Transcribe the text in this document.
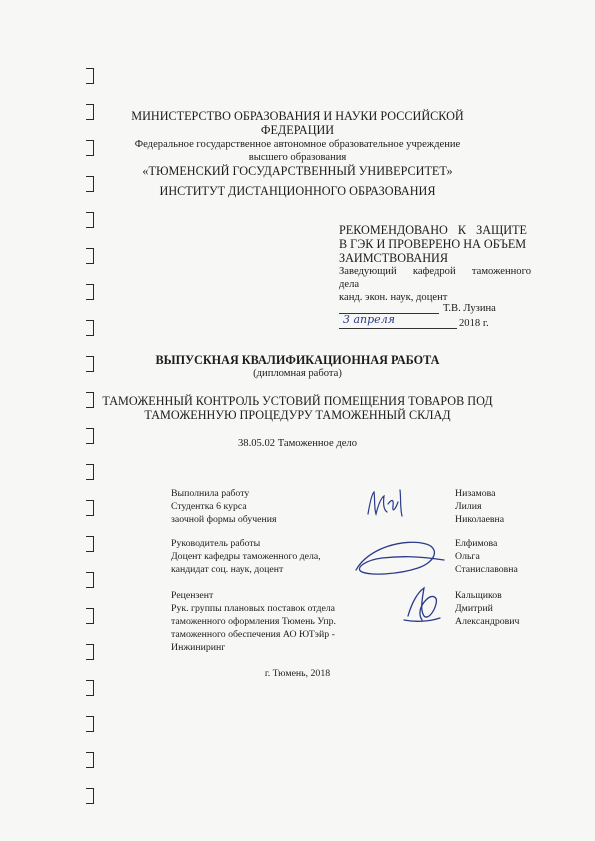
МИНИСТЕРСТВО ОБРАЗОВАНИЯ И НАУКИ РОССИЙСКОЙ
ФЕДЕРАЦИИ
Федеральное государственное автономное образовательное учреждение
высшего образования
«ТЮМЕНСКИЙ ГОСУДАРСТВЕННЫЙ УНИВЕРСИТЕТ»
ИНСТИТУТ ДИСТАНЦИОННОГО ОБРАЗОВАНИЯ
РЕКОМЕНДОВАНО К ЗАЩИТЕ
В ГЭК И ПРОВЕРЕНО НА ОБЪЕМ
ЗАИМСТВОВАНИЯ
Заведующий кафедрой таможенного
дела
канд. экон. наук, доцент
Т.В. Лузина
3 апреля	2018 г.
ВЫПУСКНАЯ КВАЛИФИКАЦИОННАЯ РАБОТА
(дипломная работа)
ТАМОЖЕННЫЙ КОНТРОЛЬ УСТОВИЙ ПОМЕЩЕНИЯ ТОВАРОВ ПОД
ТАМОЖЕННУЮ ПРОЦЕДУРУ ТАМОЖЕННЫЙ СКЛАД
38.05.02 Таможенное дело
Выполнила работу
Студентка 6 курса
заочной формы обучения
Низамова
Лилия
Николаевна
Руководитель работы
Доцент кафедры таможенного дела,
кандидат соц. наук, доцент
Елфимова
Ольга
Станиславовна
Рецензент
Рук. группы плановых поставок отдела
таможенного оформления Тюмень Упр.
таможенного обеспечения АО ЮТэйр -
Инжиниринг
Кальщиков
Дмитрий
Александрович
г. Тюмень, 2018
